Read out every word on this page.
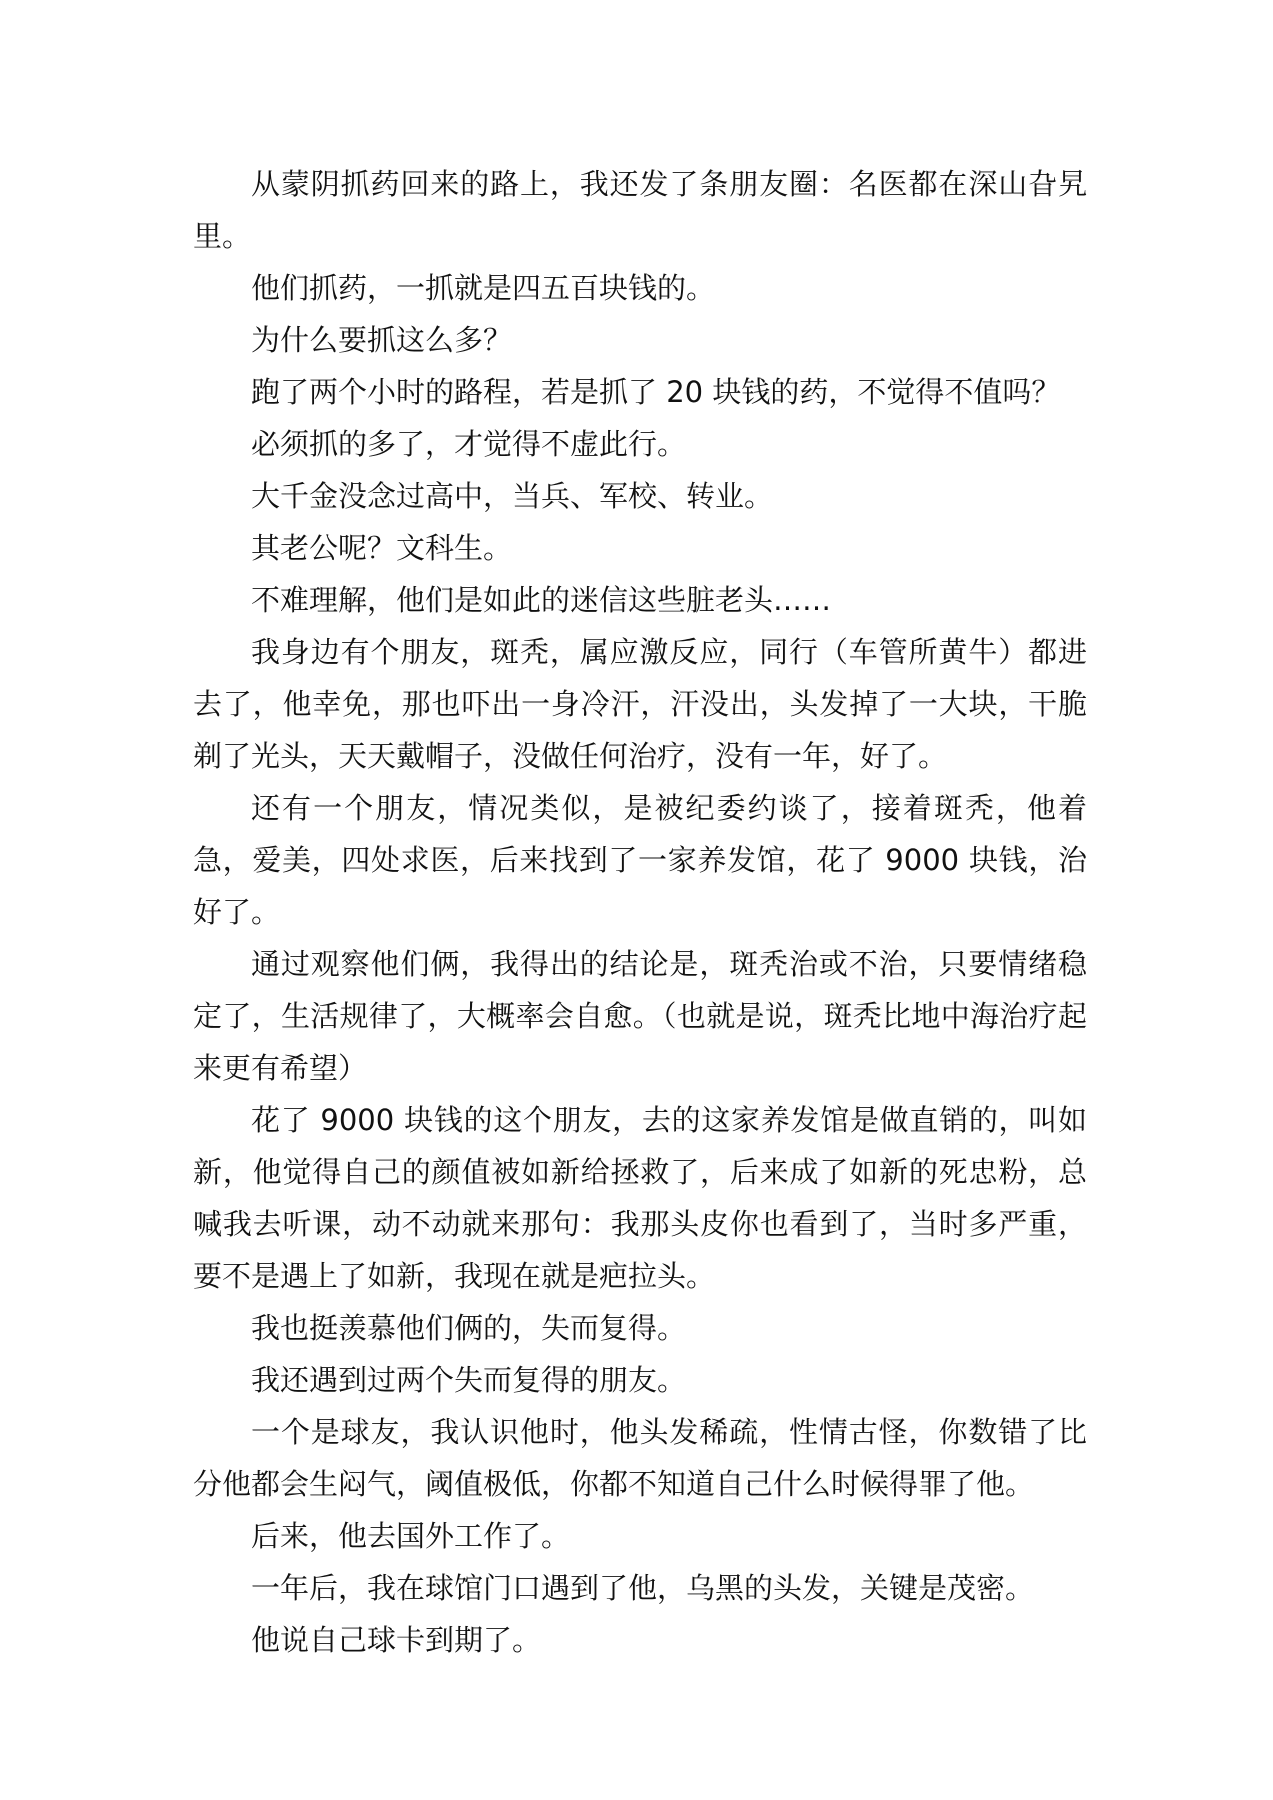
从蒙阴抓药回来的路上，我还发了条朋友圈：名医都在深山旮旯里。

他们抓药，一抓就是四五百块钱的。

为什么要抓这么多？

跑了两个小时的路程，若是抓了 20 块钱的药，不觉得不值吗？

必须抓的多了，才觉得不虚此行。

大千金没念过高中，当兵、军校、转业。

其老公呢？文科生。

不难理解，他们是如此的迷信这些脏老头……

我身边有个朋友，斑秃，属应激反应，同行（车管所黄牛）都进去了，他幸免，那也吓出一身冷汗，汗没出，头发掉了一大块，干脆剃了光头，天天戴帽子，没做任何治疗，没有一年，好了。

还有一个朋友，情况类似，是被纪委约谈了，接着斑秃，他着急，爱美，四处求医，后来找到了一家养发馆，花了 9000 块钱，治好了。

通过观察他们俩，我得出的结论是，斑秃治或不治，只要情绪稳定了，生活规律了，大概率会自愈。（也就是说，斑秃比地中海治疗起来更有希望）

花了 9000 块钱的这个朋友，去的这家养发馆是做直销的，叫如新，他觉得自己的颜值被如新给拯救了，后来成了如新的死忠粉，总喊我去听课，动不动就来那句：我那头皮你也看到了，当时多严重，要不是遇上了如新，我现在就是疤拉头。

我也挺羡慕他们俩的，失而复得。

我还遇到过两个失而复得的朋友。

一个是球友，我认识他时，他头发稀疏，性情古怪，你数错了比分他都会生闷气，阈值极低，你都不知道自己什么时候得罪了他。

后来，他去国外工作了。

一年后，我在球馆门口遇到了他，乌黑的头发，关键是茂密。

他说自己球卡到期了。
